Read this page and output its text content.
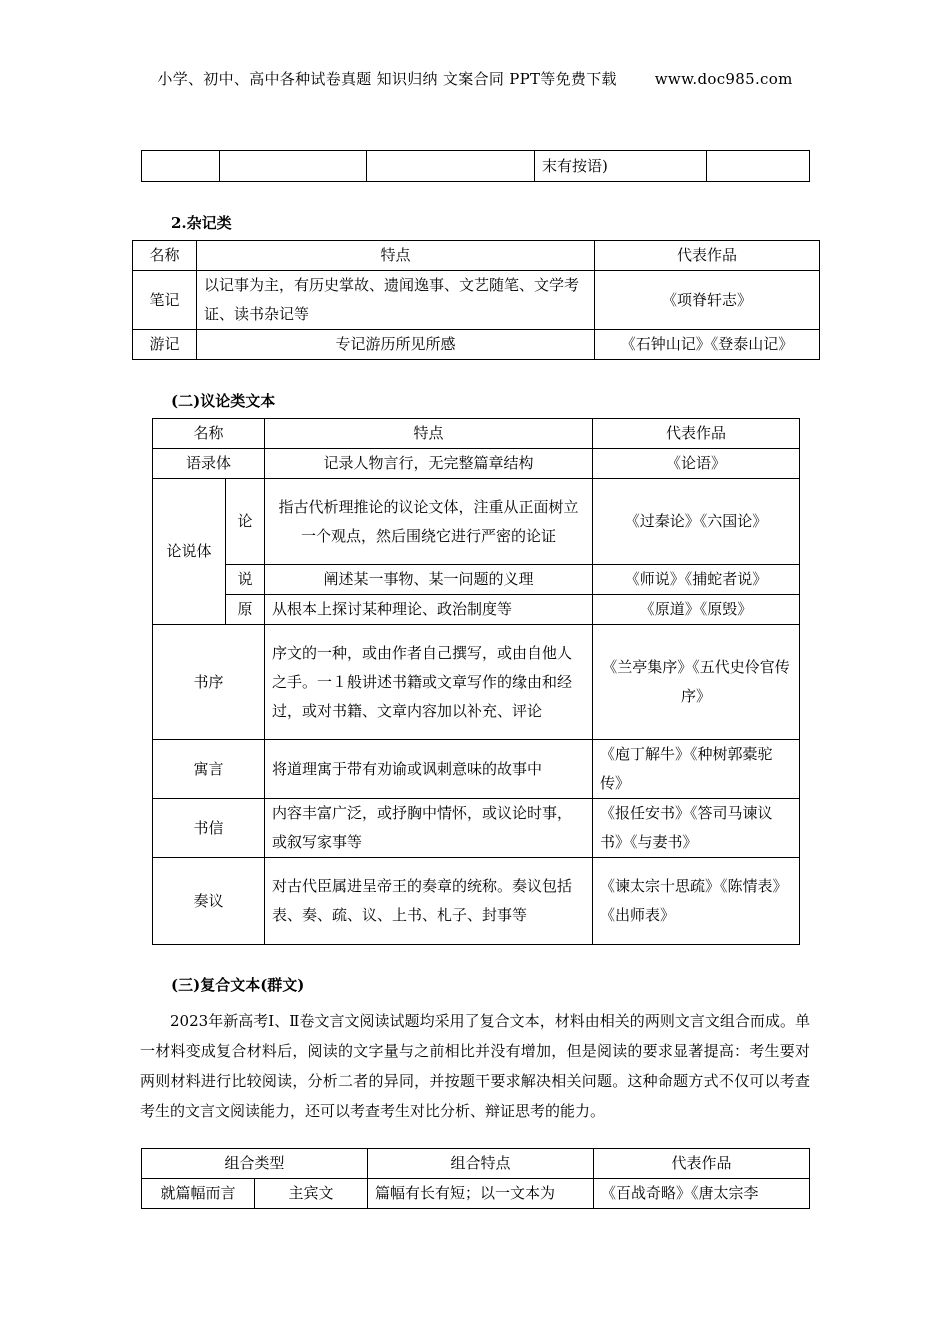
小学、初中、高中各种试卷真题 知识归纳 文案合同 PPT等免费下载	www.doc985.com
			末有按语)	
2.杂记类
名称	特点	代表作品
笔记	以记事为主，有历史掌故、遗闻逸事、文艺随笔、文学考证、读书杂记等	《项脊轩志》
游记	专记游历所见所感	《石钟山记》《登泰山记》
(二)议论类文本
名称		特点	代表作品
语录体		记录人物言行，无完整篇章结构	《论语》
论说体	论	指古代析理推论的议论文体，注重从正面树立一个观点，然后围绕它进行严密的论证	《过秦论》《六国论》
	说	阐述某一事物、某一问题的义理	《师说》《捕蛇者说》
	原	从根本上探讨某种理论、政治制度等	《原道》《原毁》
书序		序文的一种，或由作者自己撰写，或由自他人之手。一１般讲述书籍或文章写作的缘由和经过，或对书籍、文章内容加以补充、评论	《兰亭集序》《五代史伶官传序》
寓言		将道理寓于带有劝谕或讽刺意味的故事中	《庖丁解牛》《种树郭橐驼传》
书信		内容丰富广泛，或抒胸中情怀，或议论时事，或叙写家事等	《报任安书》《答司马谏议书》《与妻书》
奏议		对古代臣属进呈帝王的奏章的统称。奏议包括表、奏、疏、议、上书、札子、封事等	《谏太宗十思疏》《陈情表》《出师表》
(三)复合文本(群文)
2023年新高考Ⅰ、Ⅱ卷文言文阅读试题均采用了复合文本，材料由相关的两则文言文组合而成。单一材料变成复合材料后，阅读的文字量与之前相比并没有增加，但是阅读的要求显著提高：考生要对两则材料进行比较阅读，分析二者的异同，并按题干要求解决相关问题。这种命题方式不仅可以考查考生的文言文阅读能力，还可以考查考生对比分析、辩证思考的能力。
组合类型		组合特点	代表作品
就篇幅而言	主宾文	篇幅有长有短；以一文本为	《百战奇略》《唐太宗李
